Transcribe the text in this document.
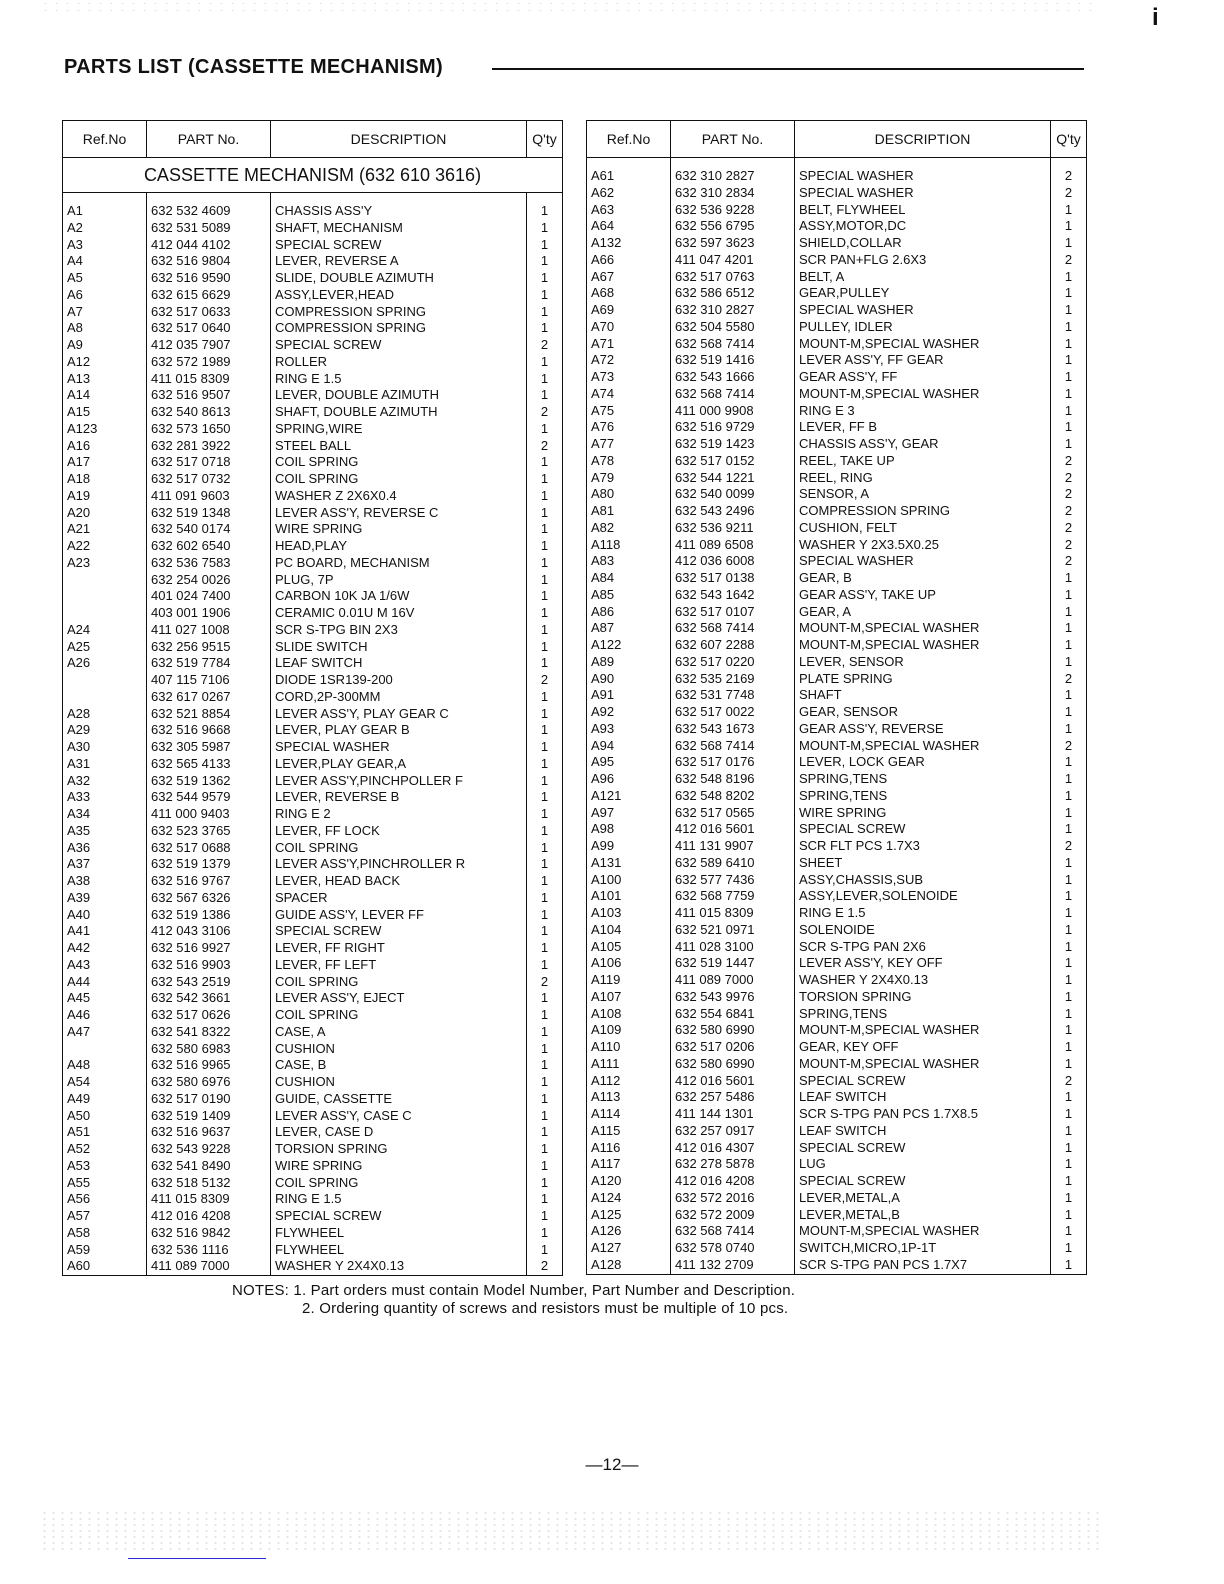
i
PARTS LIST (CASSETTE MECHANISM)
Ref.No	PART No.	DESCRIPTION	Q'ty
CASSETTE MECHANISM (632 610 3616)			

A1	632 532 4609	CHASSIS ASS'Y	1
A2	632 531 5089	SHAFT, MECHANISM	1
A3	412 044 4102	SPECIAL SCREW	1
A4	632 516 9804	LEVER, REVERSE A	1
A5	632 516 9590	SLIDE, DOUBLE AZIMUTH	1
A6	632 615 6629	ASSY,LEVER,HEAD	1
A7	632 517 0633	COMPRESSION SPRING	1
A8	632 517 0640	COMPRESSION SPRING	1
A9	412 035 7907	SPECIAL SCREW	2
A12	632 572 1989	ROLLER	1
A13	411 015 8309	RING E 1.5	1
A14	632 516 9507	LEVER, DOUBLE AZIMUTH	1
A15	632 540 8613	SHAFT, DOUBLE AZIMUTH	2
A123	632 573 1650	SPRING,WIRE	1
A16	632 281 3922	STEEL BALL	2
A17	632 517 0718	COIL SPRING	1
A18	632 517 0732	COIL SPRING	1
A19	411 091 9603	WASHER Z 2X6X0.4	1
A20	632 519 1348	LEVER ASS'Y, REVERSE C	1
A21	632 540 0174	WIRE SPRING	1
A22	632 602 6540	HEAD,PLAY	1
A23	632 536 7583	PC BOARD, MECHANISM	1
	632 254 0026	PLUG, 7P	1
	401 024 7400	CARBON 10K JA 1/6W	1
	403 001 1906	CERAMIC 0.01U M 16V	1
A24	411 027 1008	SCR S-TPG BIN 2X3	1
A25	632 256 9515	SLIDE SWITCH	1
A26	632 519 7784	LEAF SWITCH	1
	407 115 7106	DIODE 1SR139-200	2
	632 617 0267	CORD,2P-300MM	1
A28	632 521 8854	LEVER ASS'Y, PLAY GEAR C	1
A29	632 516 9668	LEVER, PLAY GEAR B	1
A30	632 305 5987	SPECIAL WASHER	1
A31	632 565 4133	LEVER,PLAY GEAR,A	1
A32	632 519 1362	LEVER ASS'Y,PINCHPOLLER F	1
A33	632 544 9579	LEVER, REVERSE B	1
A34	411 000 9403	RING E 2	1
A35	632 523 3765	LEVER, FF LOCK	1
A36	632 517 0688	COIL SPRING	1
A37	632 519 1379	LEVER ASS'Y,PINCHROLLER R	1
A38	632 516 9767	LEVER, HEAD BACK	1
A39	632 567 6326	SPACER	1
A40	632 519 1386	GUIDE ASS'Y, LEVER FF	1
A41	412 043 3106	SPECIAL SCREW	1
A42	632 516 9927	LEVER, FF RIGHT	1
A43	632 516 9903	LEVER, FF LEFT	1
A44	632 543 2519	COIL SPRING	2
A45	632 542 3661	LEVER ASS'Y, EJECT	1
A46	632 517 0626	COIL SPRING	1
A47	632 541 8322	CASE, A	1
	632 580 6983	CUSHION	1
A48	632 516 9965	CASE, B	1
A54	632 580 6976	CUSHION	1
A49	632 517 0190	GUIDE, CASSETTE	1
A50	632 519 1409	LEVER ASS'Y, CASE C	1
A51	632 516 9637	LEVER, CASE D	1
A52	632 543 9228	TORSION SPRING	1
A53	632 541 8490	WIRE SPRING	1
A55	632 518 5132	COIL SPRING	1
A56	411 015 8309	RING E 1.5	1
A57	412 016 4208	SPECIAL SCREW	1
A58	632 516 9842	FLYWHEEL	1
A59	632 536 1116	FLYWHEEL	1
A60	411 089 7000	WASHER Y 2X4X0.13	2
Ref.No	PART No.	DESCRIPTION	Q'ty

A61	632 310 2827	SPECIAL WASHER	2
A62	632 310 2834	SPECIAL WASHER	2
A63	632 536 9228	BELT, FLYWHEEL	1
A64	632 556 6795	ASSY,MOTOR,DC	1
A132	632 597 3623	SHIELD,COLLAR	1
A66	411 047 4201	SCR PAN+FLG 2.6X3	2
A67	632 517 0763	BELT, A	1
A68	632 586 6512	GEAR,PULLEY	1
A69	632 310 2827	SPECIAL WASHER	1
A70	632 504 5580	PULLEY, IDLER	1
A71	632 568 7414	MOUNT-M,SPECIAL WASHER	1
A72	632 519 1416	LEVER ASS'Y, FF GEAR	1
A73	632 543 1666	GEAR ASS'Y, FF	1
A74	632 568 7414	MOUNT-M,SPECIAL WASHER	1
A75	411 000 9908	RING E 3	1
A76	632 516 9729	LEVER, FF B	1
A77	632 519 1423	CHASSIS ASS'Y, GEAR	1
A78	632 517 0152	REEL, TAKE UP	2
A79	632 544 1221	REEL, RING	2
A80	632 540 0099	SENSOR, A	2
A81	632 543 2496	COMPRESSION SPRING	2
A82	632 536 9211	CUSHION, FELT	2
A118	411 089 6508	WASHER Y 2X3.5X0.25	2
A83	412 036 6008	SPECIAL WASHER	2
A84	632 517 0138	GEAR, B	1
A85	632 543 1642	GEAR ASS'Y, TAKE UP	1
A86	632 517 0107	GEAR, A	1
A87	632 568 7414	MOUNT-M,SPECIAL WASHER	1
A122	632 607 2288	MOUNT-M,SPECIAL WASHER	1
A89	632 517 0220	LEVER, SENSOR	1
A90	632 535 2169	PLATE SPRING	2
A91	632 531 7748	SHAFT	1
A92	632 517 0022	GEAR, SENSOR	1
A93	632 543 1673	GEAR ASS'Y, REVERSE	1
A94	632 568 7414	MOUNT-M,SPECIAL WASHER	2
A95	632 517 0176	LEVER, LOCK GEAR	1
A96	632 548 8196	SPRING,TENS	1
A121	632 548 8202	SPRING,TENS	1
A97	632 517 0565	WIRE SPRING	1
A98	412 016 5601	SPECIAL SCREW	1
A99	411 131 9907	SCR FLT PCS 1.7X3	2
A131	632 589 6410	SHEET	1
A100	632 577 7436	ASSY,CHASSIS,SUB	1
A101	632 568 7759	ASSY,LEVER,SOLENOIDE	1
A103	411 015 8309	RING E 1.5	1
A104	632 521 0971	SOLENOIDE	1
A105	411 028 3100	SCR S-TPG PAN 2X6	1
A106	632 519 1447	LEVER ASS'Y, KEY OFF	1
A119	411 089 7000	WASHER Y 2X4X0.13	1
A107	632 543 9976	TORSION SPRING	1
A108	632 554 6841	SPRING,TENS	1
A109	632 580 6990	MOUNT-M,SPECIAL WASHER	1
A110	632 517 0206	GEAR, KEY OFF	1
A111	632 580 6990	MOUNT-M,SPECIAL WASHER	1
A112	412 016 5601	SPECIAL SCREW	2
A113	632 257 5486	LEAF SWITCH	1
A114	411 144 1301	SCR S-TPG PAN PCS 1.7X8.5	1
A115	632 257 0917	LEAF SWITCH	1
A116	412 016 4307	SPECIAL SCREW	1
A117	632 278 5878	LUG	1
A120	412 016 4208	SPECIAL SCREW	1
A124	632 572 2016	LEVER,METAL,A	1
A125	632 572 2009	LEVER,METAL,B	1
A126	632 568 7414	MOUNT-M,SPECIAL WASHER	1
A127	632 578 0740	SWITCH,MICRO,1P-1T	1
A128	411 132 2709	SCR S-TPG PAN PCS 1.7X7	1
NOTES: 1. Part orders must contain Model Number, Part Number and Description.
2. Ordering quantity of screws and resistors must be multiple of 10 pcs.
—12—
